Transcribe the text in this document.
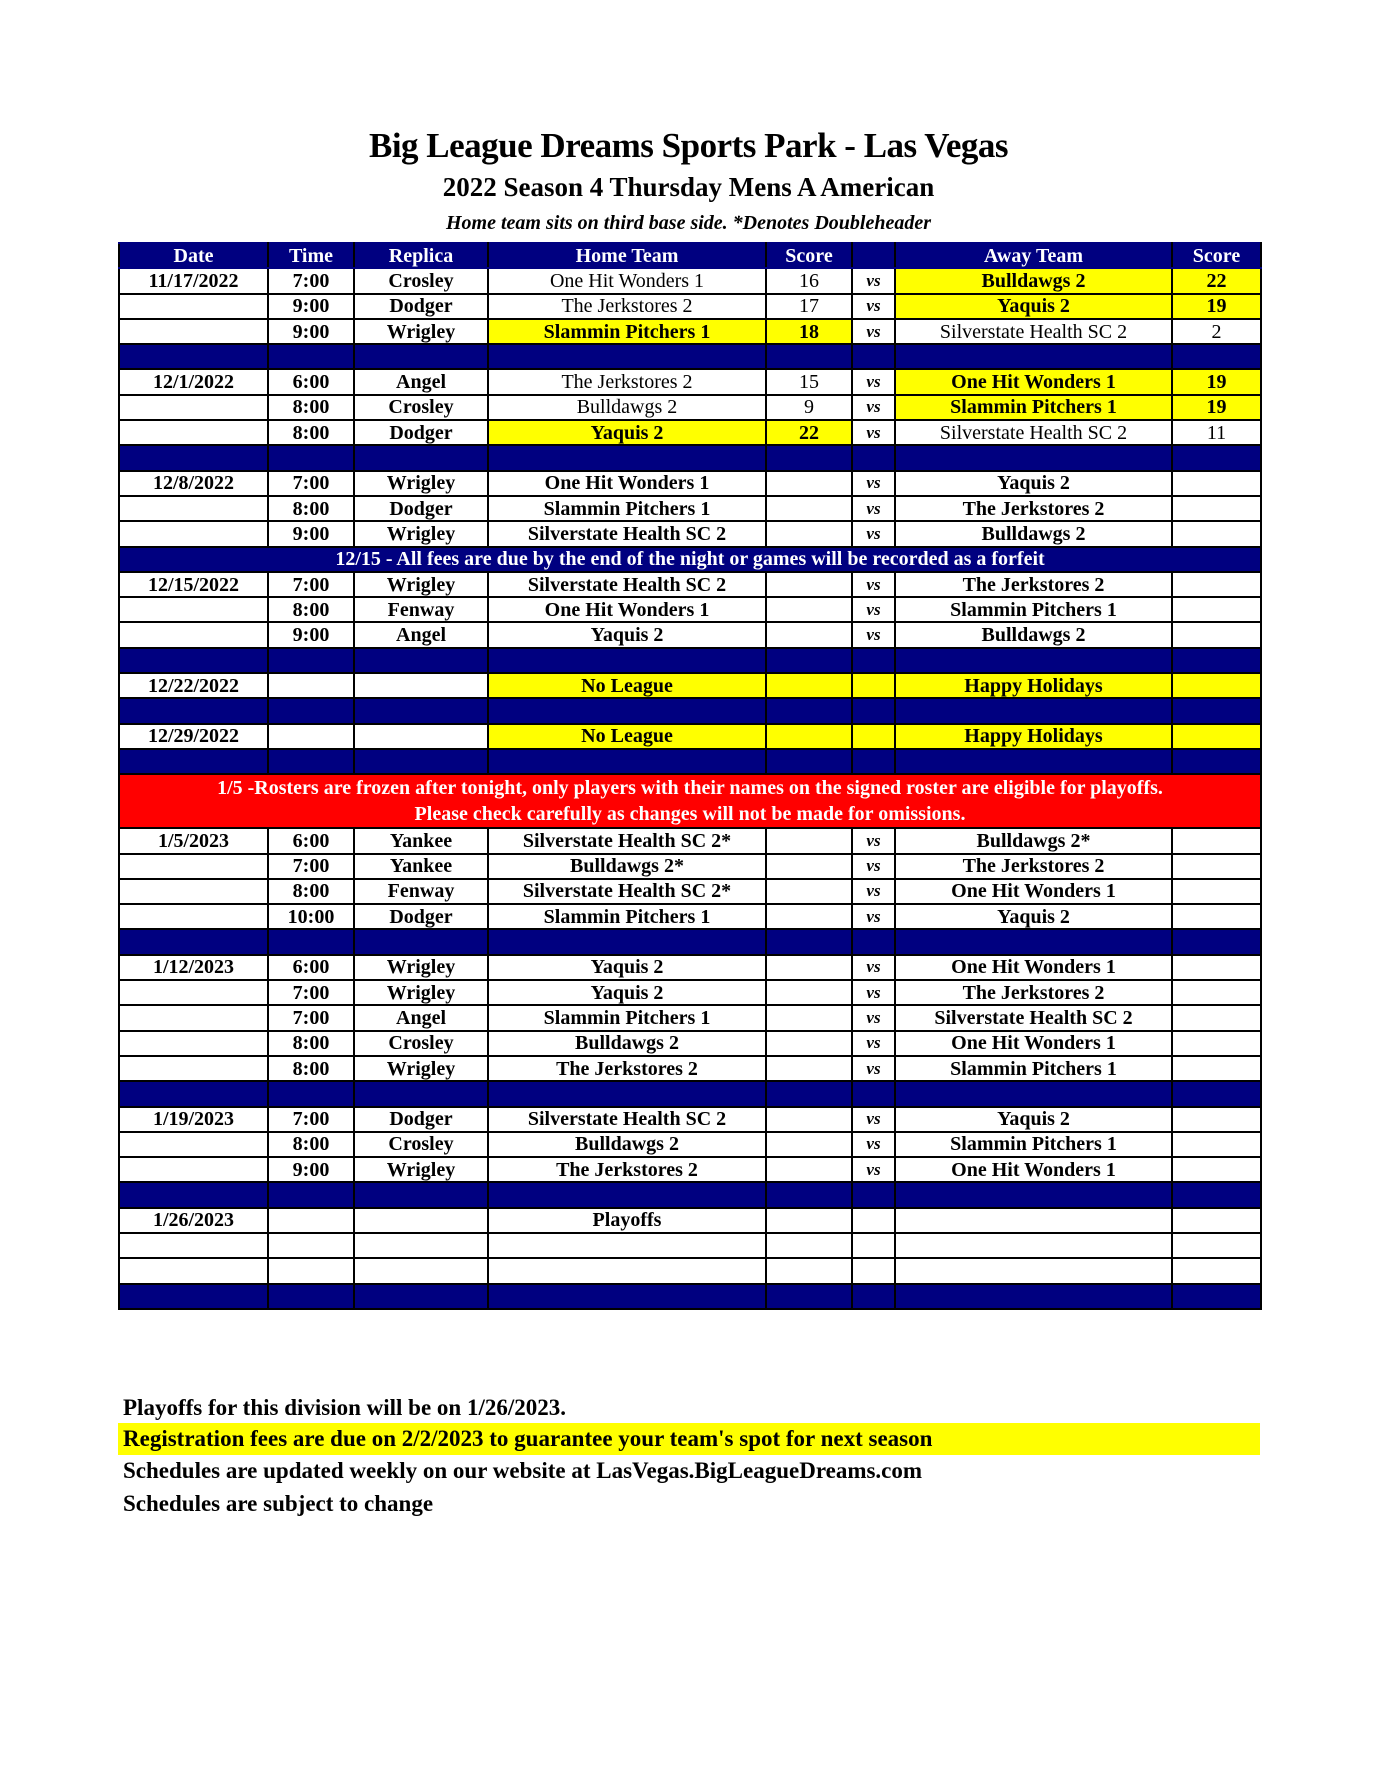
Big League Dreams Sports Park - Las Vegas
2022 Season 4 Thursday Mens A American
Home team sits on third base side. *Denotes Doubleheader
Date	Time	Replica	Home Team	Score		Away Team	Score
11/17/2022	7:00	Crosley	One Hit Wonders 1	16	vs	Bulldawgs 2	22
	9:00	Dodger	The Jerkstores 2	17	vs	Yaquis 2	19
	9:00	Wrigley	Slammin Pitchers 1	18	vs	Silverstate Health SC 2	2

12/1/2022	6:00	Angel	The Jerkstores 2	15	vs	One Hit Wonders 1	19
	8:00	Crosley	Bulldawgs 2	9	vs	Slammin Pitchers 1	19
	8:00	Dodger	Yaquis 2	22	vs	Silverstate Health SC 2	11

12/8/2022	7:00	Wrigley	One Hit Wonders 1		vs	Yaquis 2	
	8:00	Dodger	Slammin Pitchers 1		vs	The Jerkstores 2	
	9:00	Wrigley	Silverstate Health SC 2		vs	Bulldawgs 2	
12/15 - All fees are due by the end of the night or games will be recorded as a forfeit							
12/15/2022	7:00	Wrigley	Silverstate Health SC 2		vs	The Jerkstores 2	
	8:00	Fenway	One Hit Wonders 1		vs	Slammin Pitchers 1	
	9:00	Angel	Yaquis 2		vs	Bulldawgs 2	

12/22/2022			No League			Happy Holidays	

12/29/2022			No League			Happy Holidays	

1/5 -Rosters are frozen after tonight, only players with their names on the signed roster are eligible for playoffs.
Please check carefully as changes will not be made for omissions.							

1/5/2023	6:00	Yankee	Silverstate Health SC 2*		vs	Bulldawgs 2*	
	7:00	Yankee	Bulldawgs 2*		vs	The Jerkstores 2	
	8:00	Fenway	Silverstate Health SC 2*		vs	One Hit Wonders 1	
	10:00	Dodger	Slammin Pitchers 1		vs	Yaquis 2	

1/12/2023	6:00	Wrigley	Yaquis 2		vs	One Hit Wonders 1	
	7:00	Wrigley	Yaquis 2		vs	The Jerkstores 2	
	7:00	Angel	Slammin Pitchers 1		vs	Silverstate Health SC 2	
	8:00	Crosley	Bulldawgs 2		vs	One Hit Wonders 1	
	8:00	Wrigley	The Jerkstores 2		vs	Slammin Pitchers 1	

1/19/2023	7:00	Dodger	Silverstate Health SC 2		vs	Yaquis 2	
	8:00	Crosley	Bulldawgs 2		vs	Slammin Pitchers 1	
	9:00	Wrigley	The Jerkstores 2		vs	One Hit Wonders 1	

1/26/2023			Playoffs				

Playoffs for this division will be on 1/26/2023.
Registration fees are due on 2/2/2023 to guarantee your team's spot for next season
Schedules are updated weekly on our website at LasVegas.BigLeagueDreams.com
Schedules are subject to change
